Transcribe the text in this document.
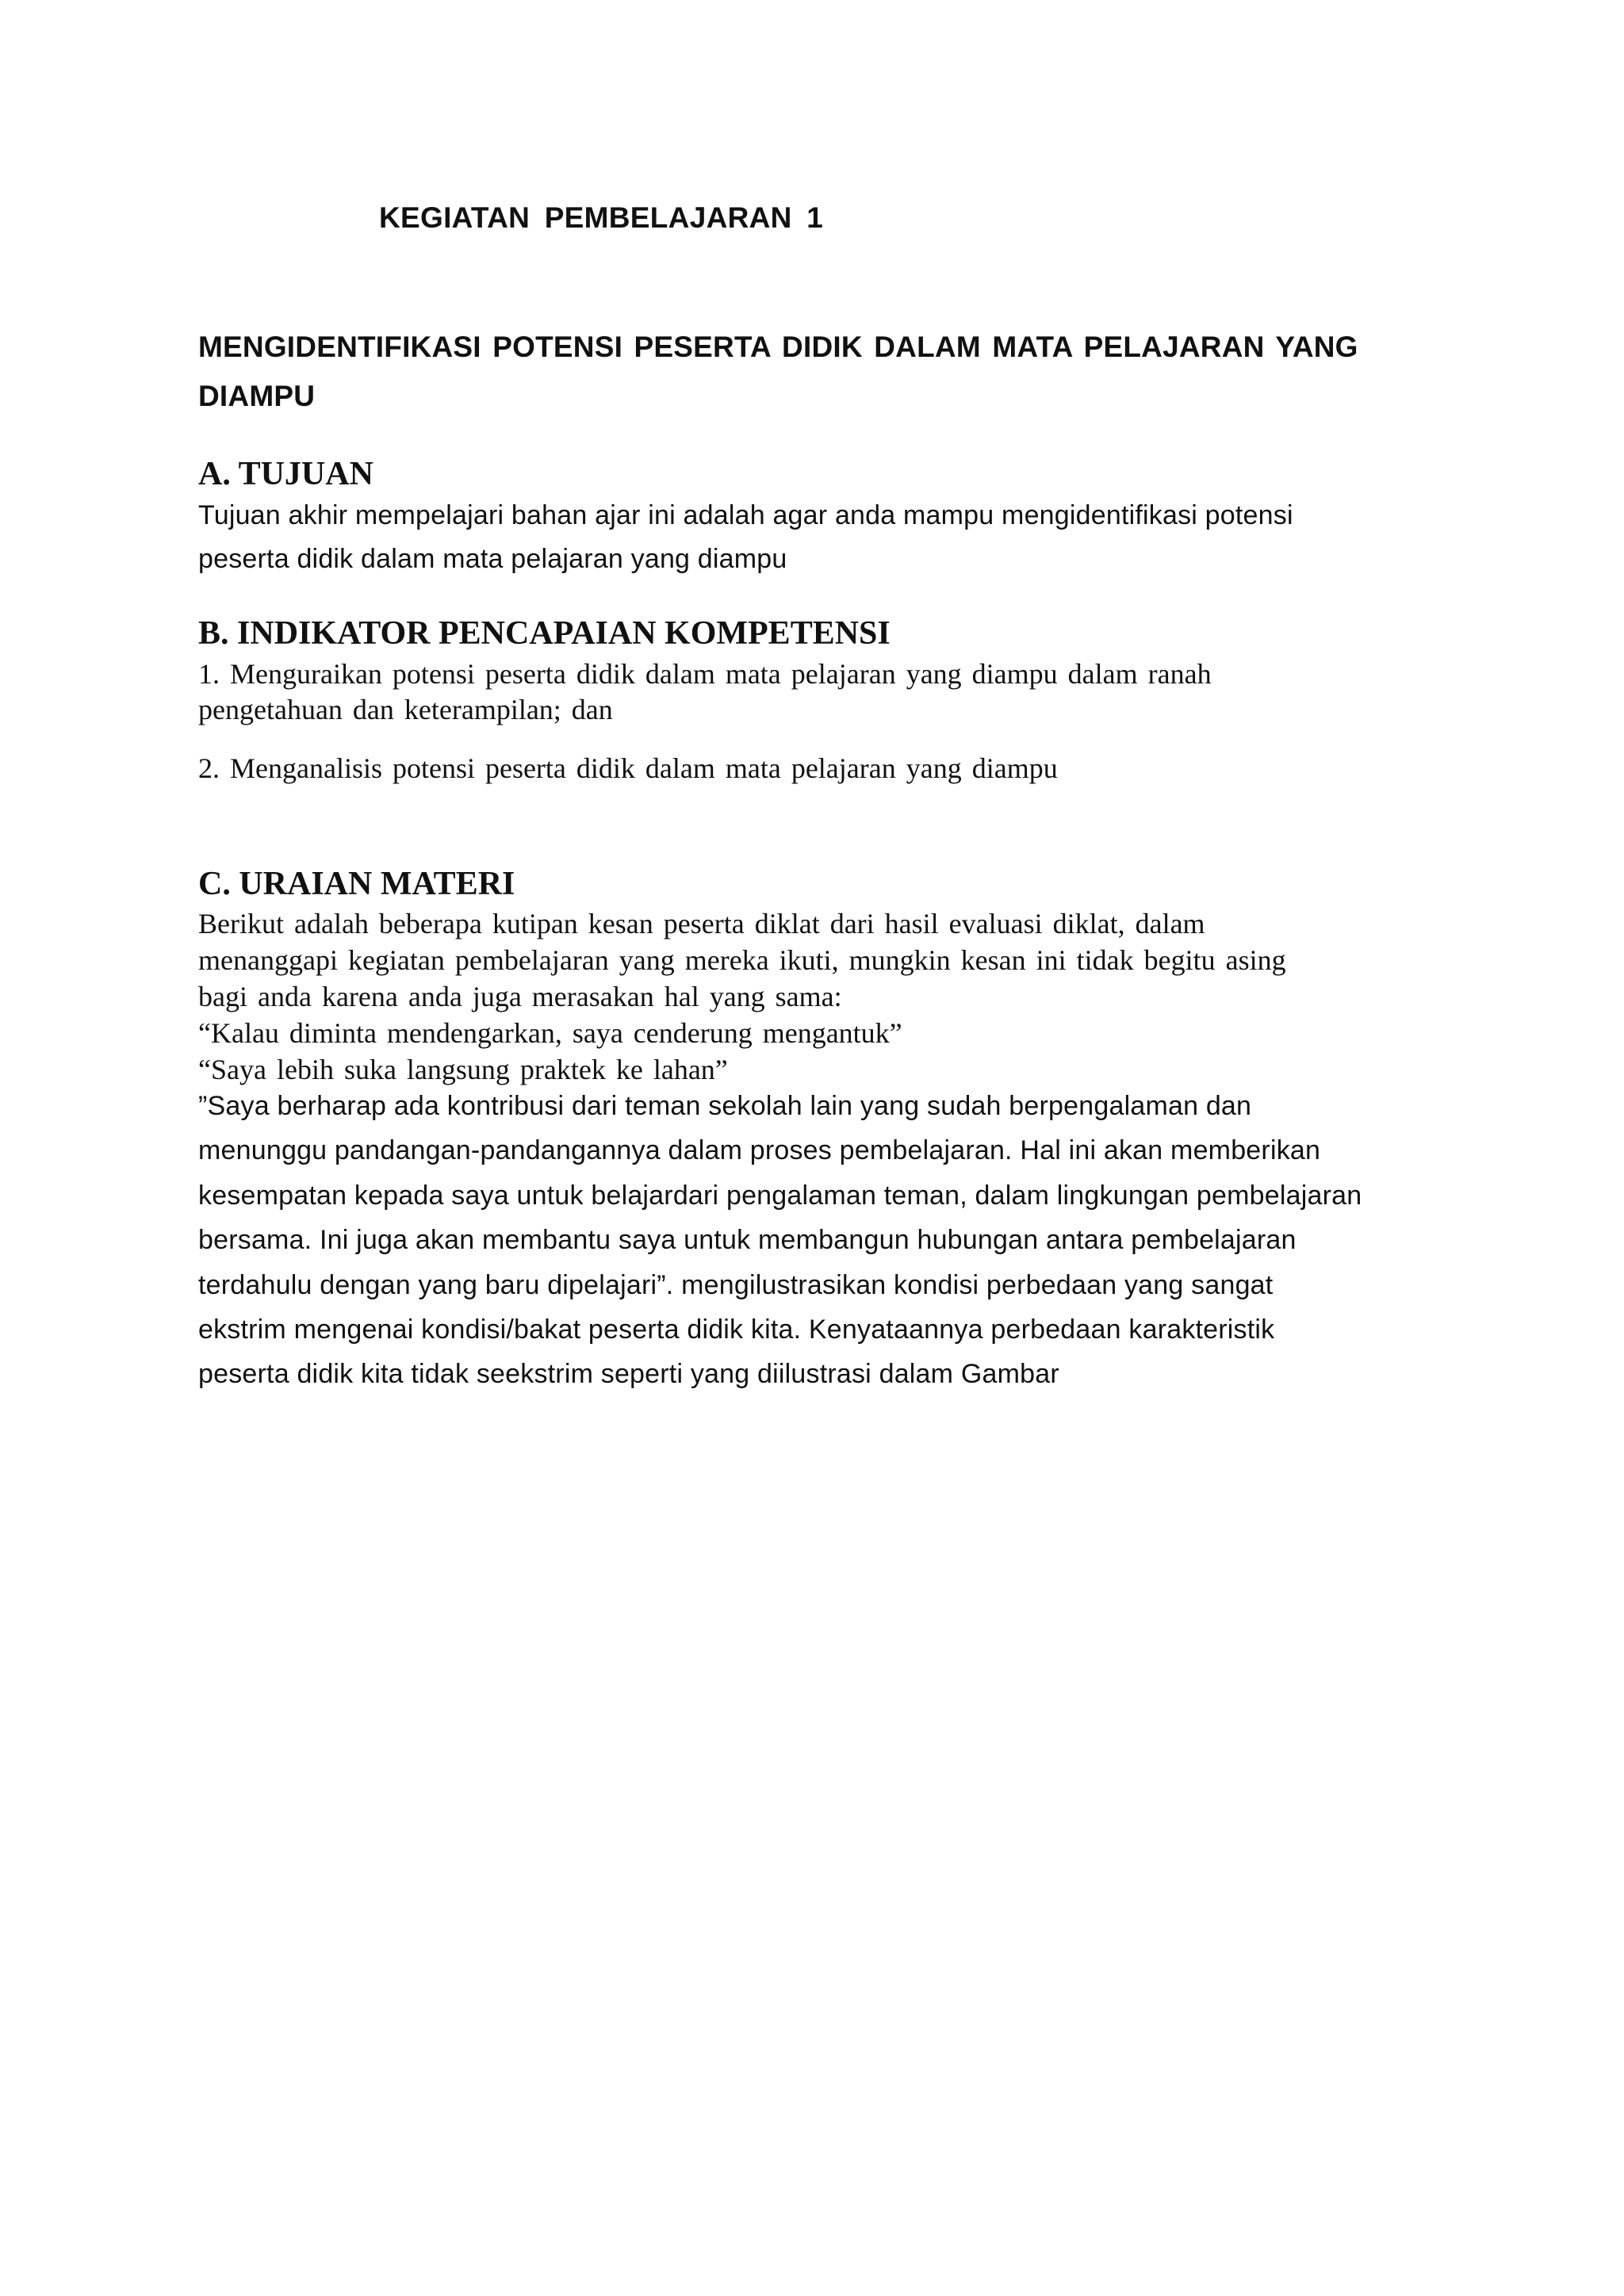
KEGIATAN PEMBELAJARAN 1

MENGIDENTIFIKASI POTENSI PESERTA DIDIK DALAM MATA PELAJARAN YANG

DIAMPU

A. TUJUAN

Tujuan akhir mempelajari bahan ajar ini adalah agar anda mampu mengidentifikasi potensi

peserta didik dalam mata pelajaran yang diampu

B. INDIKATOR PENCAPAIAN KOMPETENSI

1. Menguraikan potensi peserta didik dalam mata pelajaran yang diampu dalam ranah

pengetahuan dan keterampilan; dan

2. Menganalisis potensi peserta didik dalam mata pelajaran yang diampu

C. URAIAN MATERI

Berikut adalah beberapa kutipan kesan peserta diklat dari hasil evaluasi diklat, dalam

menanggapi kegiatan pembelajaran yang mereka ikuti, mungkin kesan ini tidak begitu asing

bagi anda karena anda juga merasakan hal yang sama:

“Kalau diminta mendengarkan, saya cenderung mengantuk”

“Saya lebih suka langsung praktek ke lahan”

”Saya berharap ada kontribusi dari teman sekolah lain yang sudah berpengalaman dan

menunggu pandangan-pandangannya dalam proses pembelajaran. Hal ini akan memberikan

kesempatan kepada saya untuk belajardari pengalaman teman, dalam lingkungan pembelajaran

bersama. Ini juga akan membantu saya untuk membangun hubungan antara pembelajaran

terdahulu dengan yang baru dipelajari”. mengilustrasikan kondisi perbedaan yang sangat

ekstrim mengenai kondisi/bakat peserta didik kita. Kenyataannya perbedaan karakteristik

peserta didik kita tidak seekstrim seperti yang diilustrasi dalam Gambar
